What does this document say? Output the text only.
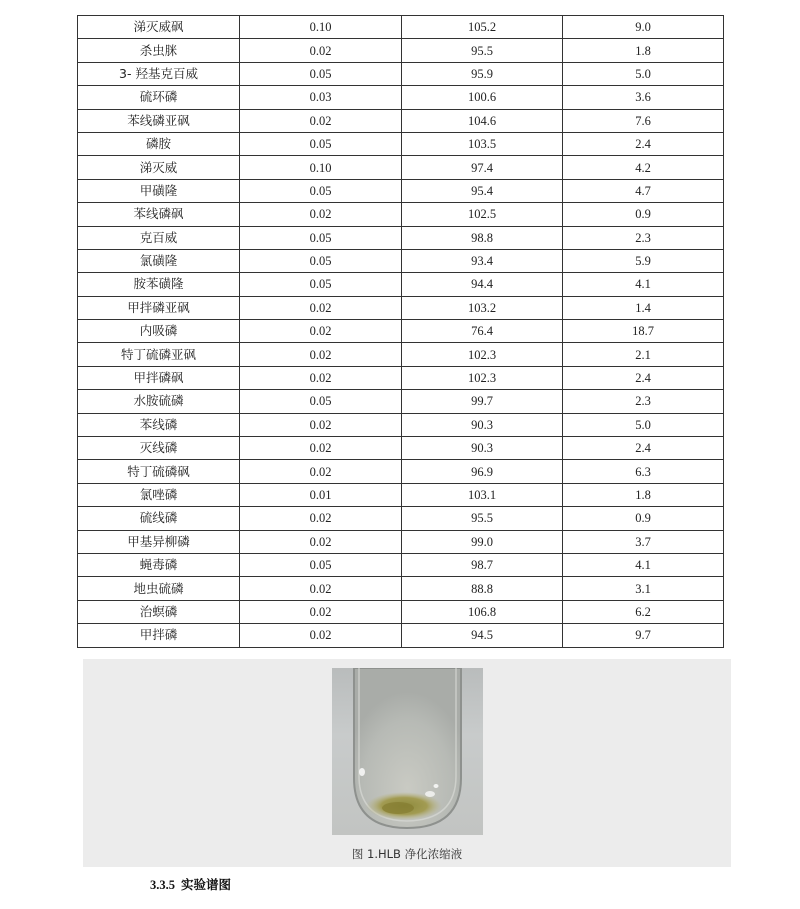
涕灭威砜	0.10	105.2	9.0
杀虫脒	0.02	95.5	1.8
3- 羟基克百威	0.05	95.9	5.0
硫环磷	0.03	100.6	3.6
苯线磷亚砜	0.02	104.6	7.6
磷胺	0.05	103.5	2.4
涕灭威	0.10	97.4	4.2
甲磺隆	0.05	95.4	4.7
苯线磷砜	0.02	102.5	0.9
克百威	0.05	98.8	2.3
氯磺隆	0.05	93.4	5.9
胺苯磺隆	0.05	94.4	4.1
甲拌磷亚砜	0.02	103.2	1.4
内吸磷	0.02	76.4	18.7
特丁硫磷亚砜	0.02	102.3	2.1
甲拌磷砜	0.02	102.3	2.4
水胺硫磷	0.05	99.7	2.3
苯线磷	0.02	90.3	5.0
灭线磷	0.02	90.3	2.4
特丁硫磷砜	0.02	96.9	6.3
氯唑磷	0.01	103.1	1.8
硫线磷	0.02	95.5	0.9
甲基异柳磷	0.02	99.0	3.7
蝇毒磷	0.05	98.7	4.1
地虫硫磷	0.02	88.8	3.1
治螟磷	0.02	106.8	6.2
甲拌磷	0.02	94.5	9.7
图 1.HLB 净化浓缩液
3.3.5 实验谱图
